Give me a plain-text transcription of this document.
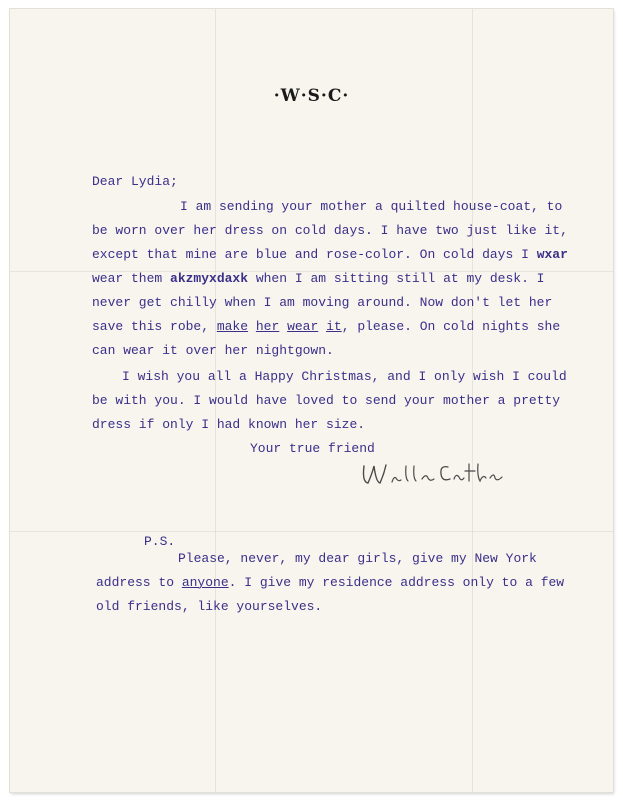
·W·S·C·
Dear Lydia;
I am sending your mother a quilted house-coat, to
be worn over her dress on cold days. I have two just like it,
except that mine are blue and rose-color. On cold days I wxar
wear them akzmyxdaxk when I am sitting still at my desk. I
never get chilly when I am moving around. Now don't let her
save this robe, make her wear it, please. On cold nights she
can wear it over her nightgown.
I wish you all a Happy Christmas, and I only wish I could
be with you. I would have loved to send your mother a pretty
dress if only I had known her size.
Your true friend
P.S.
Please, never, my dear girls, give my New York
address to anyone. I give my residence address only to a few
old friends, like yourselves.
